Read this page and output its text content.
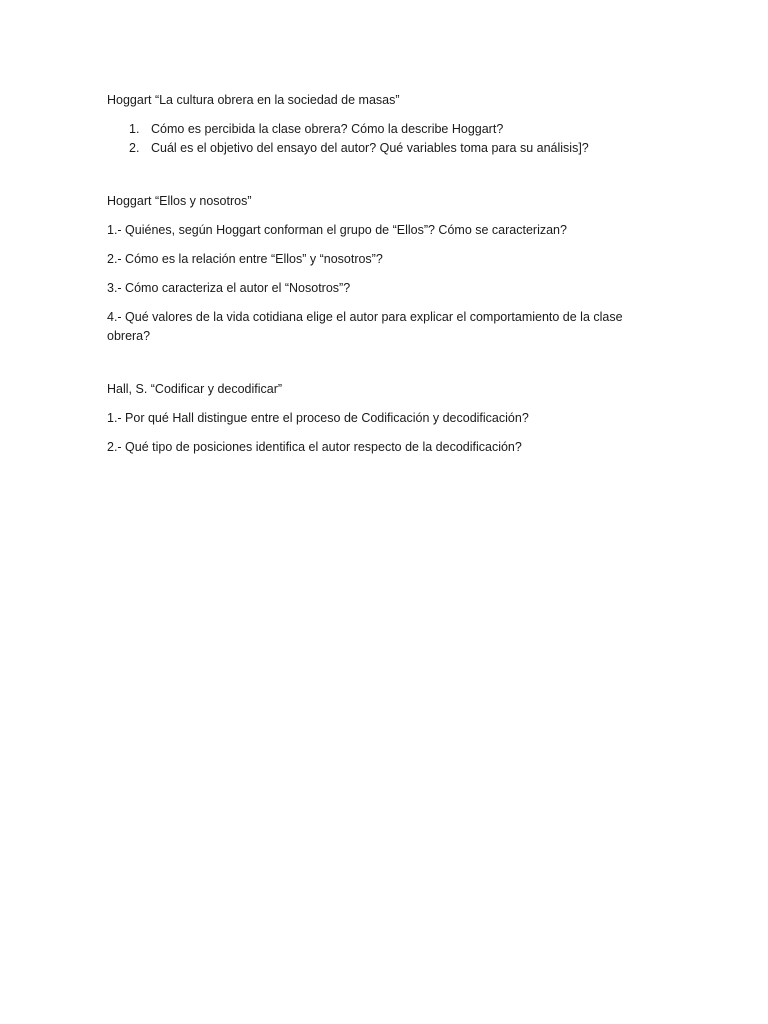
Hoggart “La cultura obrera en la sociedad de masas”

1. Cómo es percibida la clase obrera? Cómo la describe Hoggart?
2. Cuál es el objetivo del ensayo del autor? Qué variables toma para su análisis]?

Hoggart “Ellos y nosotros”

1.- Quiénes, según Hoggart conforman el grupo de “Ellos”? Cómo se caracterizan?

2.- Cómo es la relación entre “Ellos” y “nosotros”?

3.- Cómo caracteriza el autor el “Nosotros”?

4.- Qué valores de la vida cotidiana elige el autor para explicar el comportamiento de la clase obrera?

Hall, S. “Codificar y decodificar”

1.- Por qué Hall distingue entre el proceso de Codificación y decodificación?

2.- Qué tipo de posiciones identifica el autor respecto de la decodificación?
